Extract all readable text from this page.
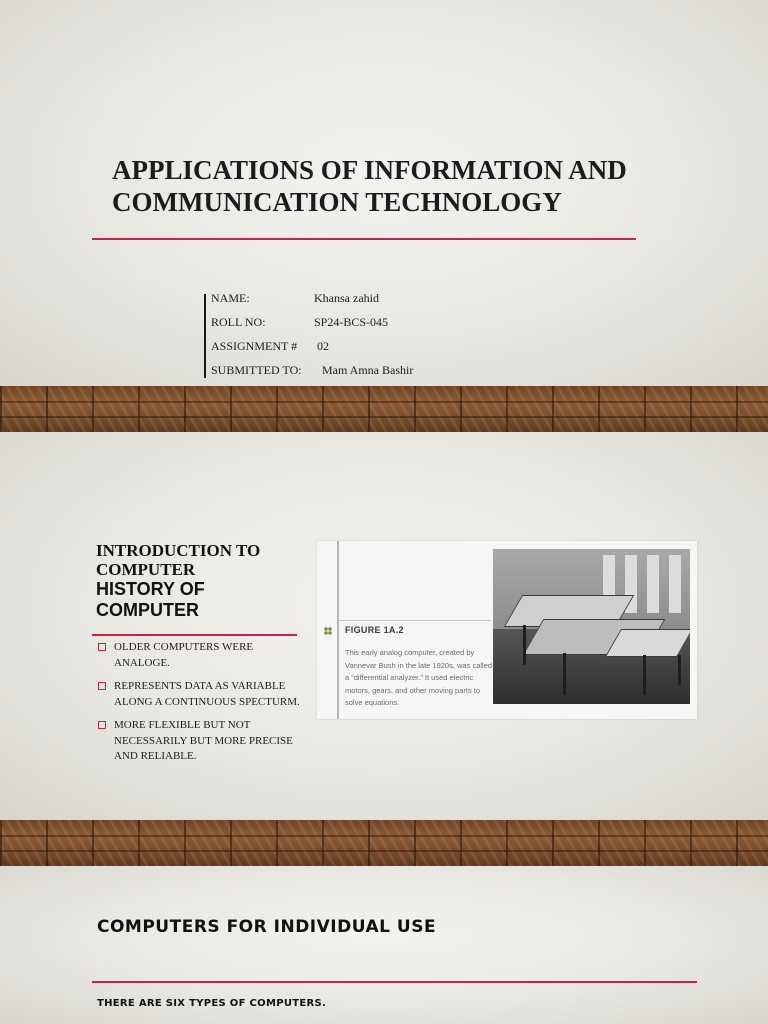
APPLICATIONS OF INFORMATION AND COMMUNICATION TECHNOLOGY
NAME:	Khansa zahid
ROLL NO:	SP24-BCS-045
ASSIGNMENT # 02
SUBMITTED TO: Mam Amna Bashir
INTRODUCTION TO COMPUTER
HISTORY OF COMPUTER
OLDER COMPUTERS WERE ANALOGE.
REPRESENTS DATA AS VARIABLE ALONG A CONTINUOUS SPECTURM.
MORE FLEXIBLE BUT NOT NECESSARILY BUT MORE PRECISE AND RELIABLE.
FIGURE 1A.2
This early analog computer, created by Vannevar Bush in the late 1920s, was called a “differential analyzer.” It used electric motors, gears, and other moving parts to solve equations.
COMPUTERS FOR INDIVIDUAL USE

THERE ARE SIX TYPES OF COMPUTERS.
